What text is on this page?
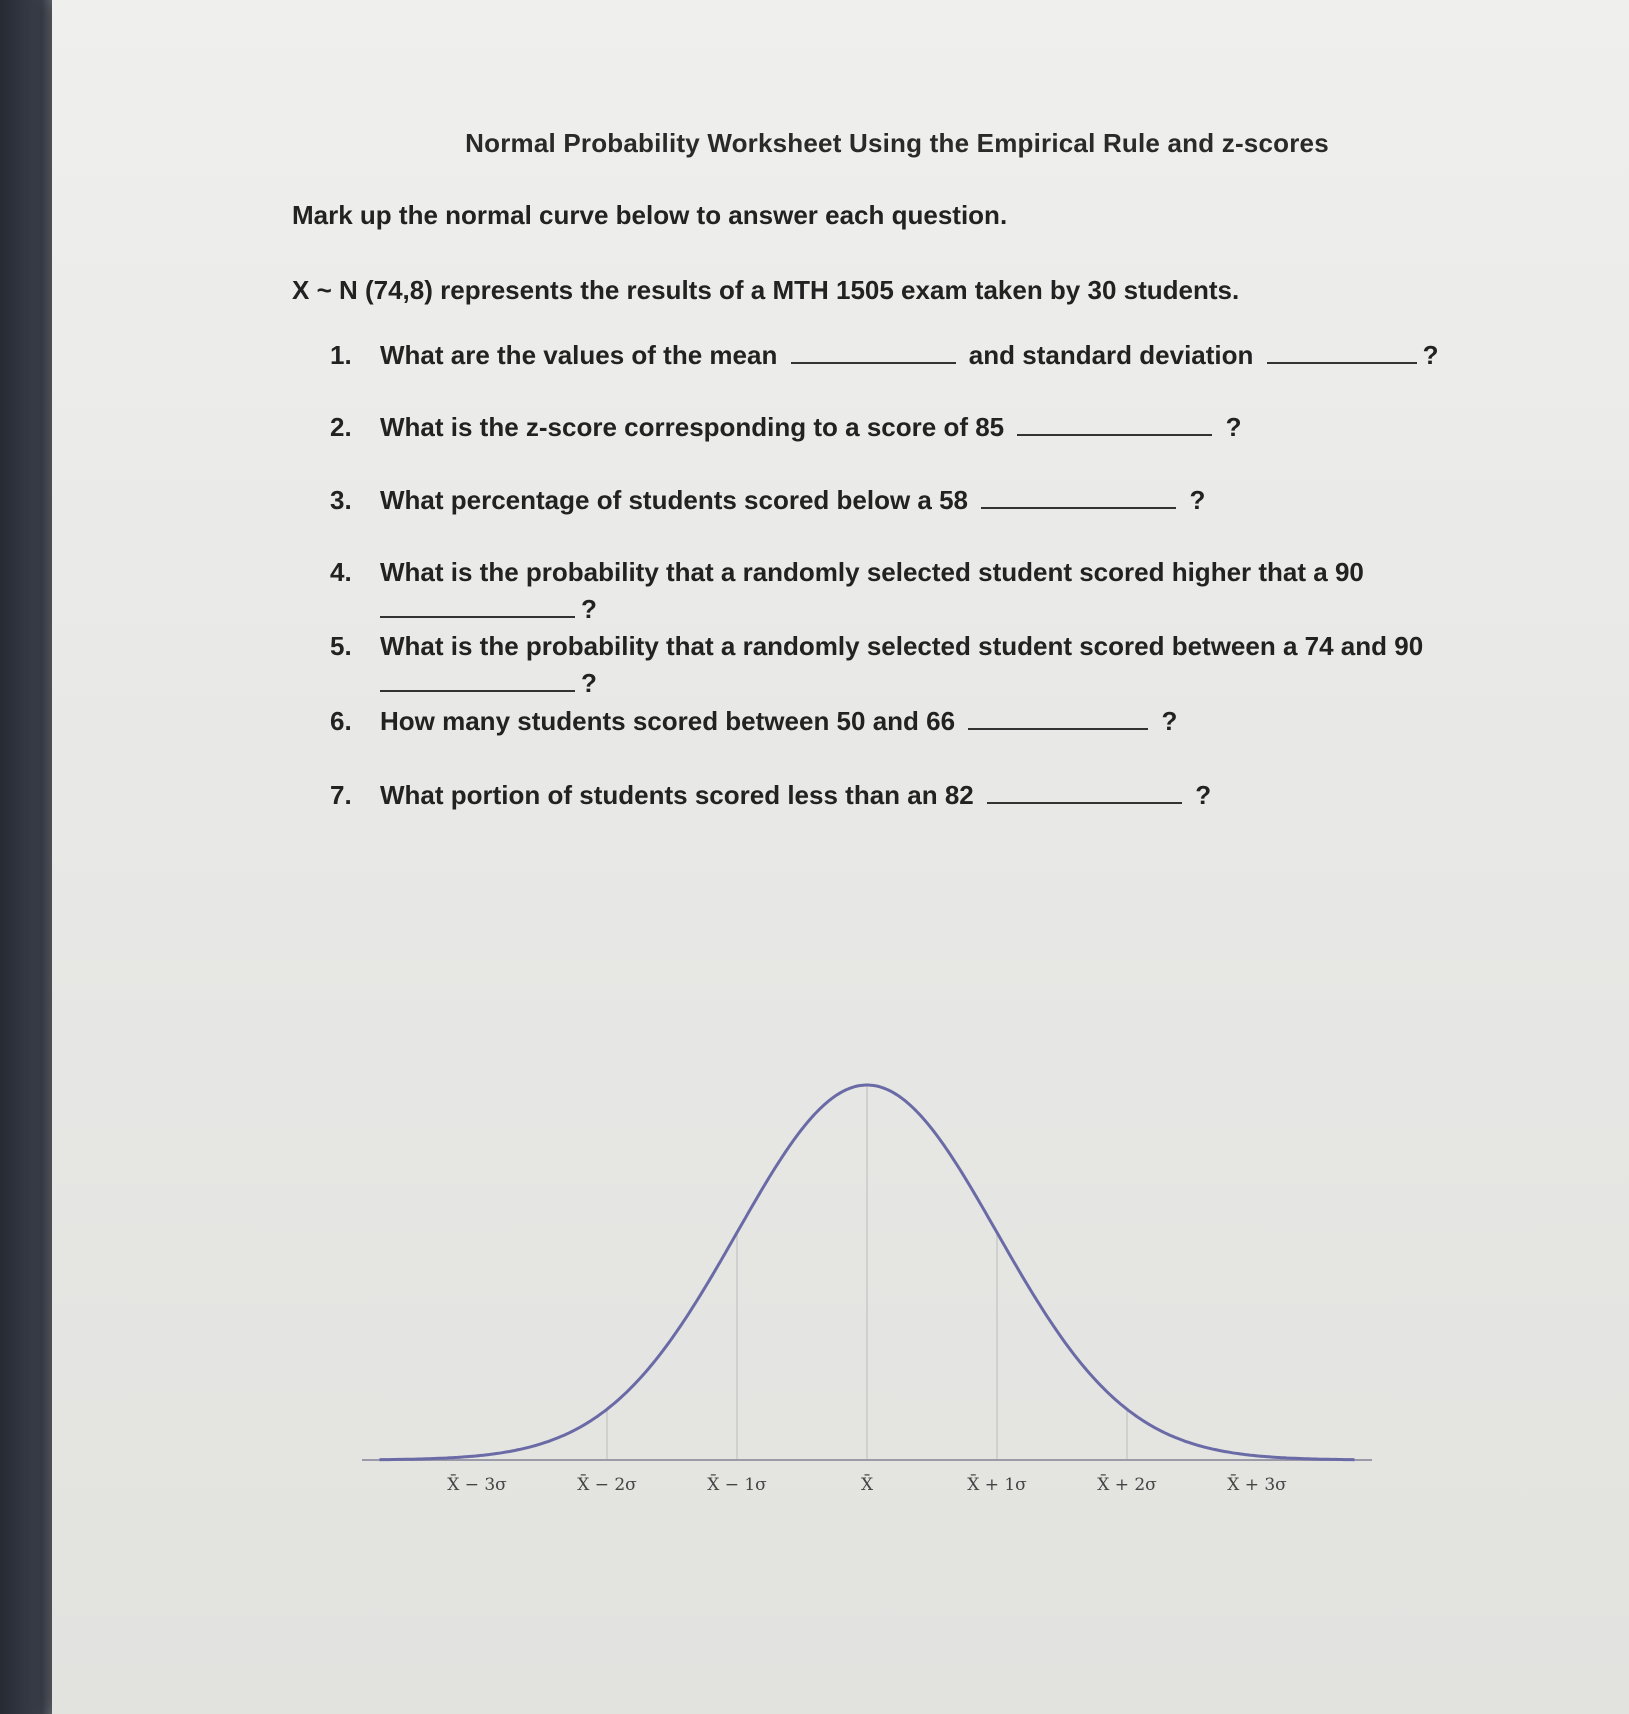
Normal Probability Worksheet Using the Empirical Rule and z-scores
Mark up the normal curve below to answer each question.
X ~ N (74,8) represents the results of a MTH 1505 exam taken by 30 students.
1. What are the values of the mean	and standard deviation	?
2. What is the z-score corresponding to a score of 85	?
3. What percentage of students scored below a 58	?
4. What is the probability that a randomly selected student scored higher that a 90
?
5. What is the probability that a randomly selected student scored between a 74 and 90
?
6. How many students scored between 50 and 66	?
7. What portion of students scored less than an 82	?
X̄ − 3σ	X̄ − 2σ	X̄ − 1σ	X̄	X̄ + 1σ	X̄ + 2σ	X̄ + 3σ
